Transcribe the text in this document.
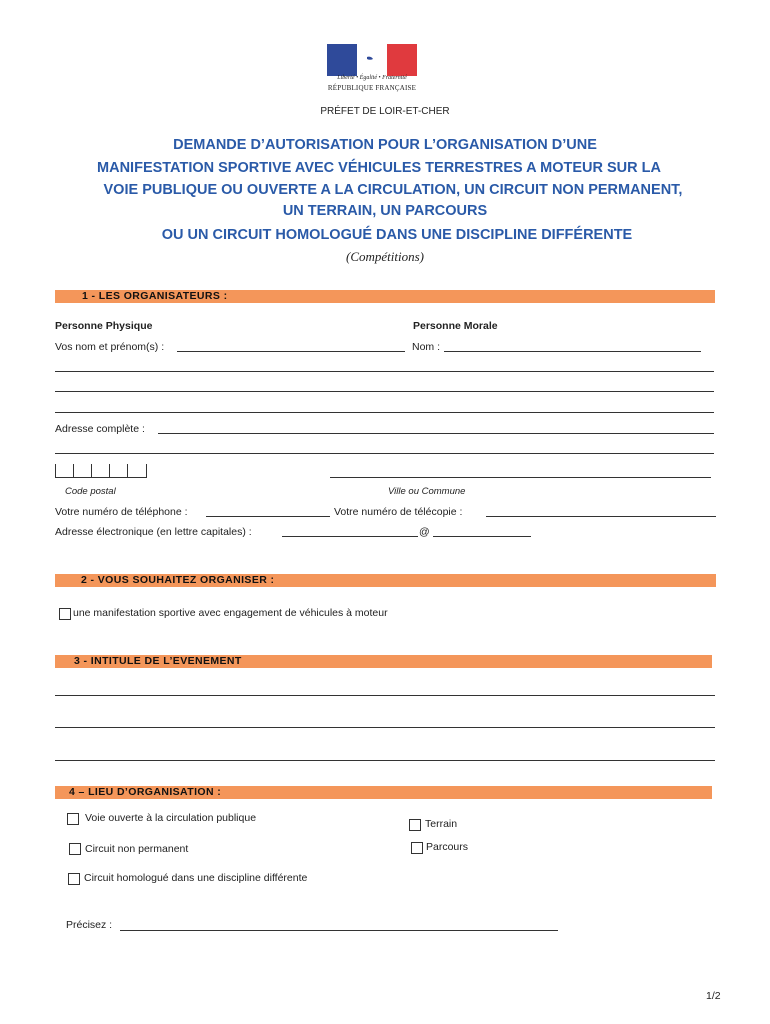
Liberté • Égalité • Fraternité
RÉPUBLIQUE FRANÇAISE
PRÉFET DE LOIR-ET-CHER
DEMANDE D’AUTORISATION POUR L’ORGANISATION D’UNE
MANIFESTATION SPORTIVE AVEC VÉHICULES TERRESTRES A MOTEUR SUR LA
VOIE PUBLIQUE OU OUVERTE A LA CIRCULATION, UN CIRCUIT NON PERMANENT,
UN TERRAIN, UN PARCOURS
OU UN CIRCUIT HOMOLOGUÉ DANS UNE DISCIPLINE DIFFÉRENTE
(Compétitions)
1 - LES ORGANISATEURS :
Personne Physique	Personne Morale
Vos nom et prénom(s) :	Nom :
Adresse complète :
Code postal	Ville ou Commune
Votre numéro de téléphone :	Votre numéro de télécopie :
Adresse électronique (en lettre capitales) :	@
2 - VOUS SOUHAITEZ ORGANISER :
une manifestation sportive avec engagement de véhicules à moteur
3 - INTITULE DE L’EVENEMENT
4 – LIEU D’ORGANISATION :
Voie ouverte à la circulation publique	Terrain
Circuit non permanent	Parcours
Circuit homologué dans une discipline différente
Précisez :
1/2
